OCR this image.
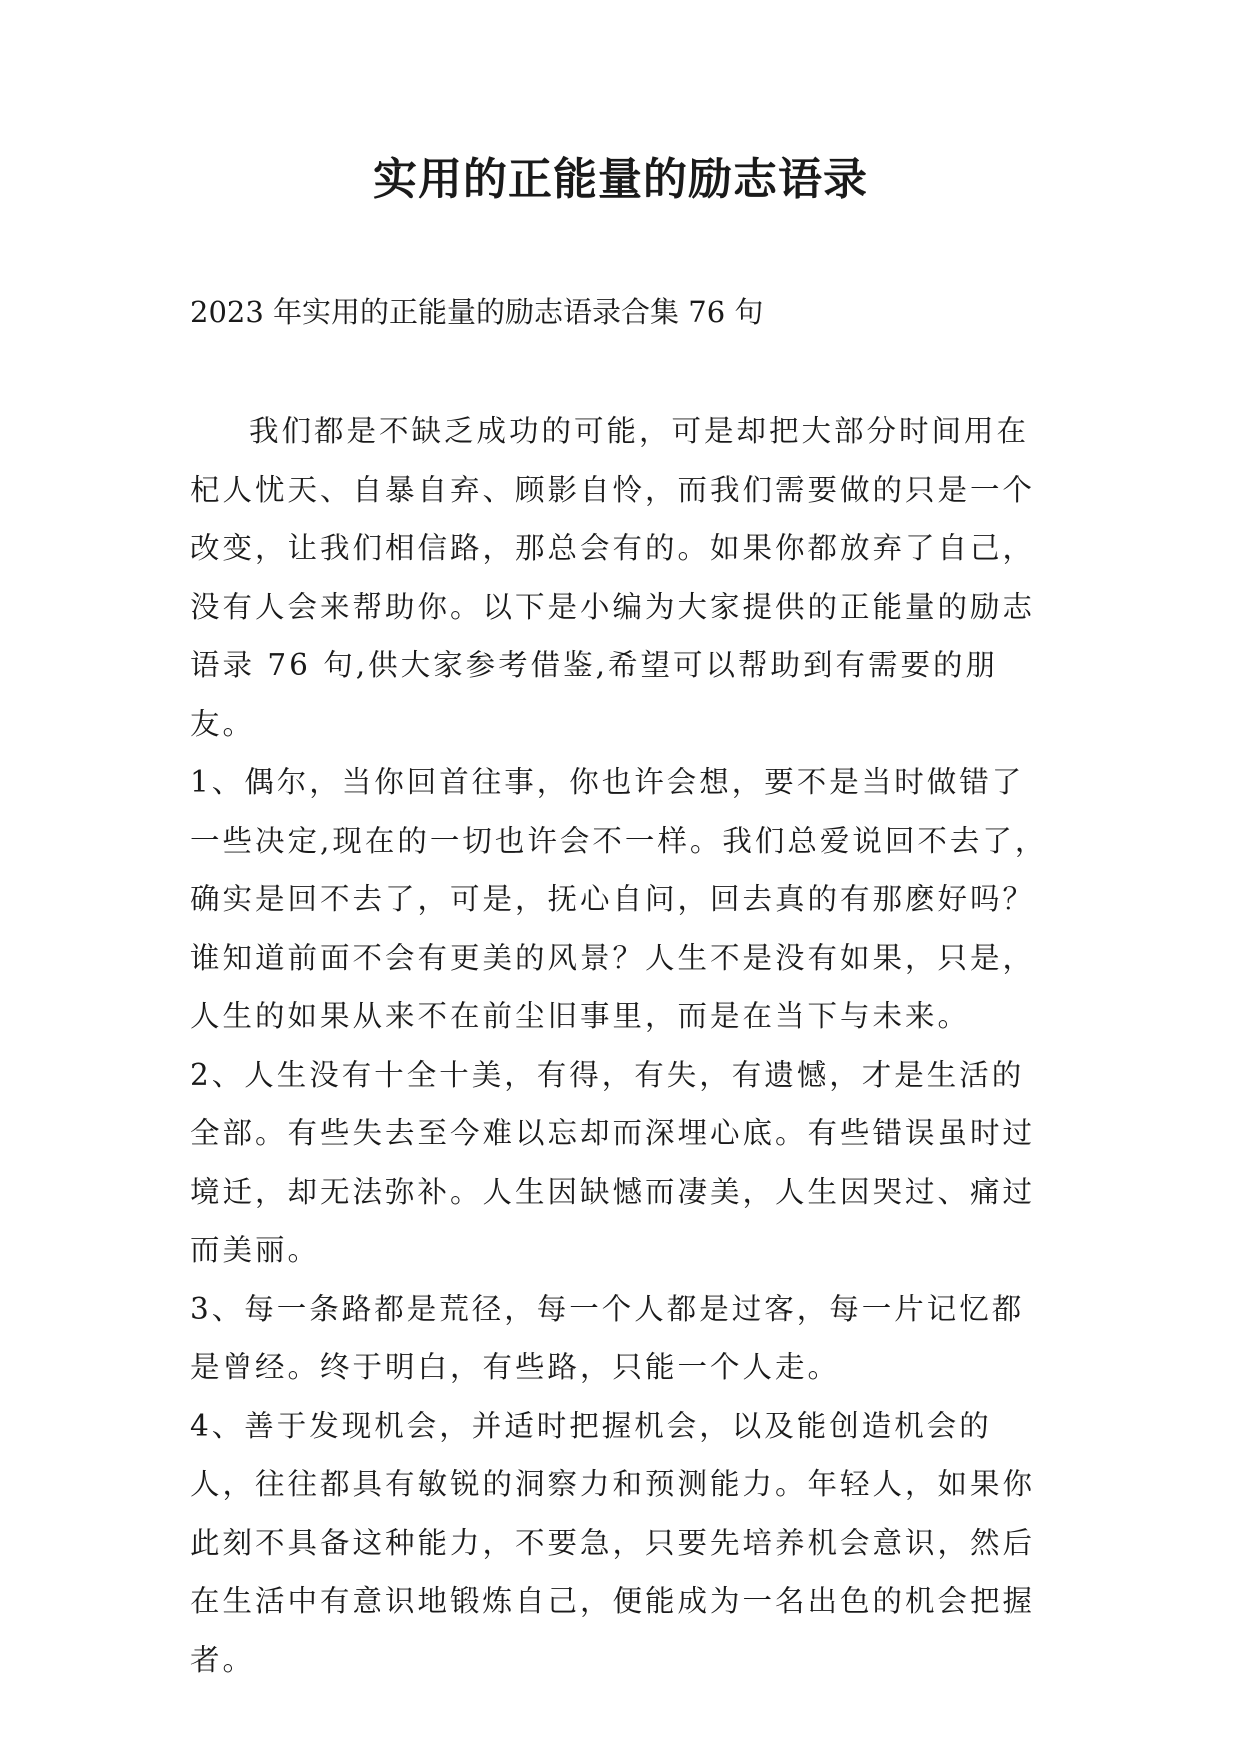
实用的正能量的励志语录
2023 年实用的正能量的励志语录合集 76 句

我们都是不缺乏成功的可能，可是却把大部分时间用在杞人忧天、自暴自弃、顾影自怜，而我们需要做的只是一个改变，让我们相信路，那总会有的。如果你都放弃了自己，没有人会来帮助你。以下是小编为大家提供的正能量的励志语录 76 句,供大家参考借鉴,希望可以帮助到有需要的朋友。

1、偶尔，当你回首往事，你也许会想，要不是当时做错了一些决定,现在的一切也许会不一样。我们总爱说回不去了，确实是回不去了，可是，抚心自问，回去真的有那麽好吗？谁知道前面不会有更美的风景？人生不是没有如果，只是，人生的如果从来不在前尘旧事里，而是在当下与未来。

2、人生没有十全十美，有得，有失，有遗憾，才是生活的全部。有些失去至今难以忘却而深埋心底。有些错误虽时过境迁，却无法弥补。人生因缺憾而凄美，人生因哭过、痛过而美丽。

3、每一条路都是荒径，每一个人都是过客，每一片记忆都是曾经。终于明白，有些路，只能一个人走。

4、善于发现机会，并适时把握机会，以及能创造机会的人，往往都具有敏锐的洞察力和预测能力。年轻人，如果你此刻不具备这种能力，不要急，只要先培养机会意识，然后在生活中有意识地锻炼自己，便能成为一名出色的机会把握者。
